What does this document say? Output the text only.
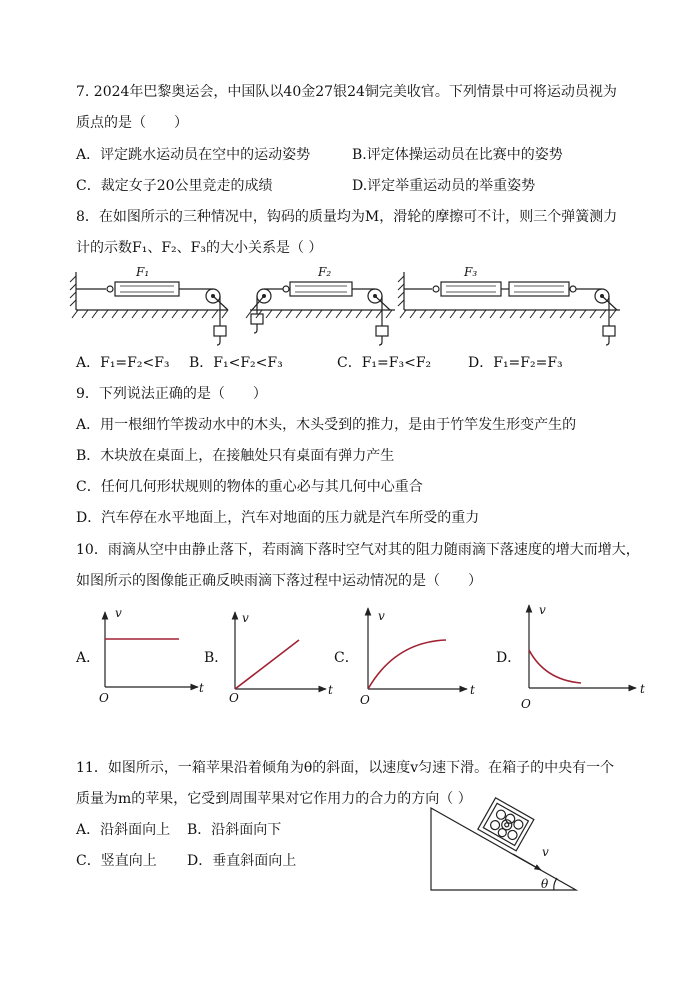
7. 2024年巴黎奥运会，中国队以40金27银24铜完美收官。下列情景中可将运动员视为
质点的是（　　）
A．评定跳水运动员在空中的运动姿势	B.评定体操运动员在比赛中的姿势
C．裁定女子20公里竞走的成绩	D.评定举重运动员的举重姿势
8．在如图所示的三种情况中，钩码的质量均为M，滑轮的摩擦可不计，则三个弹簧测力
计的示数F₁、F₂、F₃的大小关系是（ ）
F₁	F₂	F₃
A．F₁=F₂<F₃ B．F₁<F₂<F₃	C．F₁=F₃<F₂	D．F₁=F₂=F₃
9．下列说法正确的是（　　）
A．用一根细竹竿拨动水中的木头，木头受到的推力，是由于竹竿发生形变产生的
B．木块放在桌面上，在接触处只有桌面有弹力产生
C．任何几何形状规则的物体的重心必与其几何中心重合
D．汽车停在水平地面上，汽车对地面的压力就是汽车所受的重力
10．雨滴从空中由静止落下，若雨滴下落时空气对其的阻力随雨滴下落速度的增大而增大，
如图所示的图像能正确反映雨滴下落过程中运动情况的是（　　）
A．
v
t
O
B．
v
t
O
C．
v
t
O
D．
v
t
O
11．如图所示，一箱苹果沿着倾角为θ的斜面，以速度v匀速下滑。在箱子的中央有一个
质量为m的苹果，它受到周围苹果对它作用力的合力的方向（ ）
A．沿斜面向上 B．沿斜面向下
C．竖直向上 D．垂直斜面向上
v
θ
